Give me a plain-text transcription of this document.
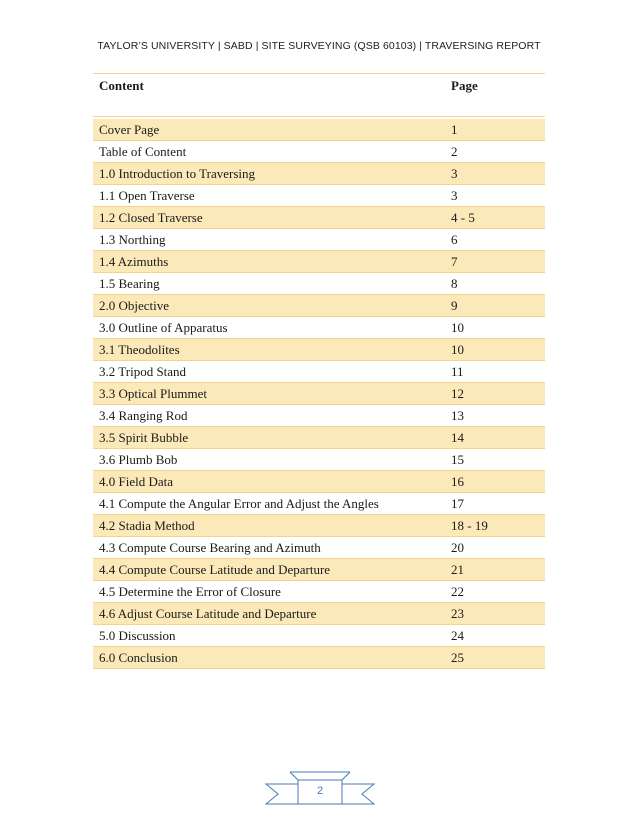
TAYLOR’S UNIVERSITY | SABD | SITE SURVEYING (QSB 60103) | TRAVERSING REPORT
Content	Page
Cover Page	1
Table of Content	2
1.0 Introduction to Traversing	3
1.1 Open Traverse	3
1.2 Closed Traverse	4 - 5
1.3 Northing	6
1.4 Azimuths	7
1.5 Bearing	8
2.0 Objective	9
3.0 Outline of Apparatus	10
3.1 Theodolites	10
3.2 Tripod Stand	11
3.3 Optical Plummet	12
3.4 Ranging Rod	13
3.5 Spirit Bubble	14
3.6 Plumb Bob	15
4.0 Field Data	16
4.1 Compute the Angular Error and Adjust the Angles	17
4.2 Stadia Method	18 - 19
4.3 Compute Course Bearing and Azimuth	20
4.4 Compute Course Latitude and Departure	21
4.5 Determine the Error of Closure	22
4.6 Adjust Course Latitude and Departure	23
5.0 Discussion	24
6.0 Conclusion	25
2
